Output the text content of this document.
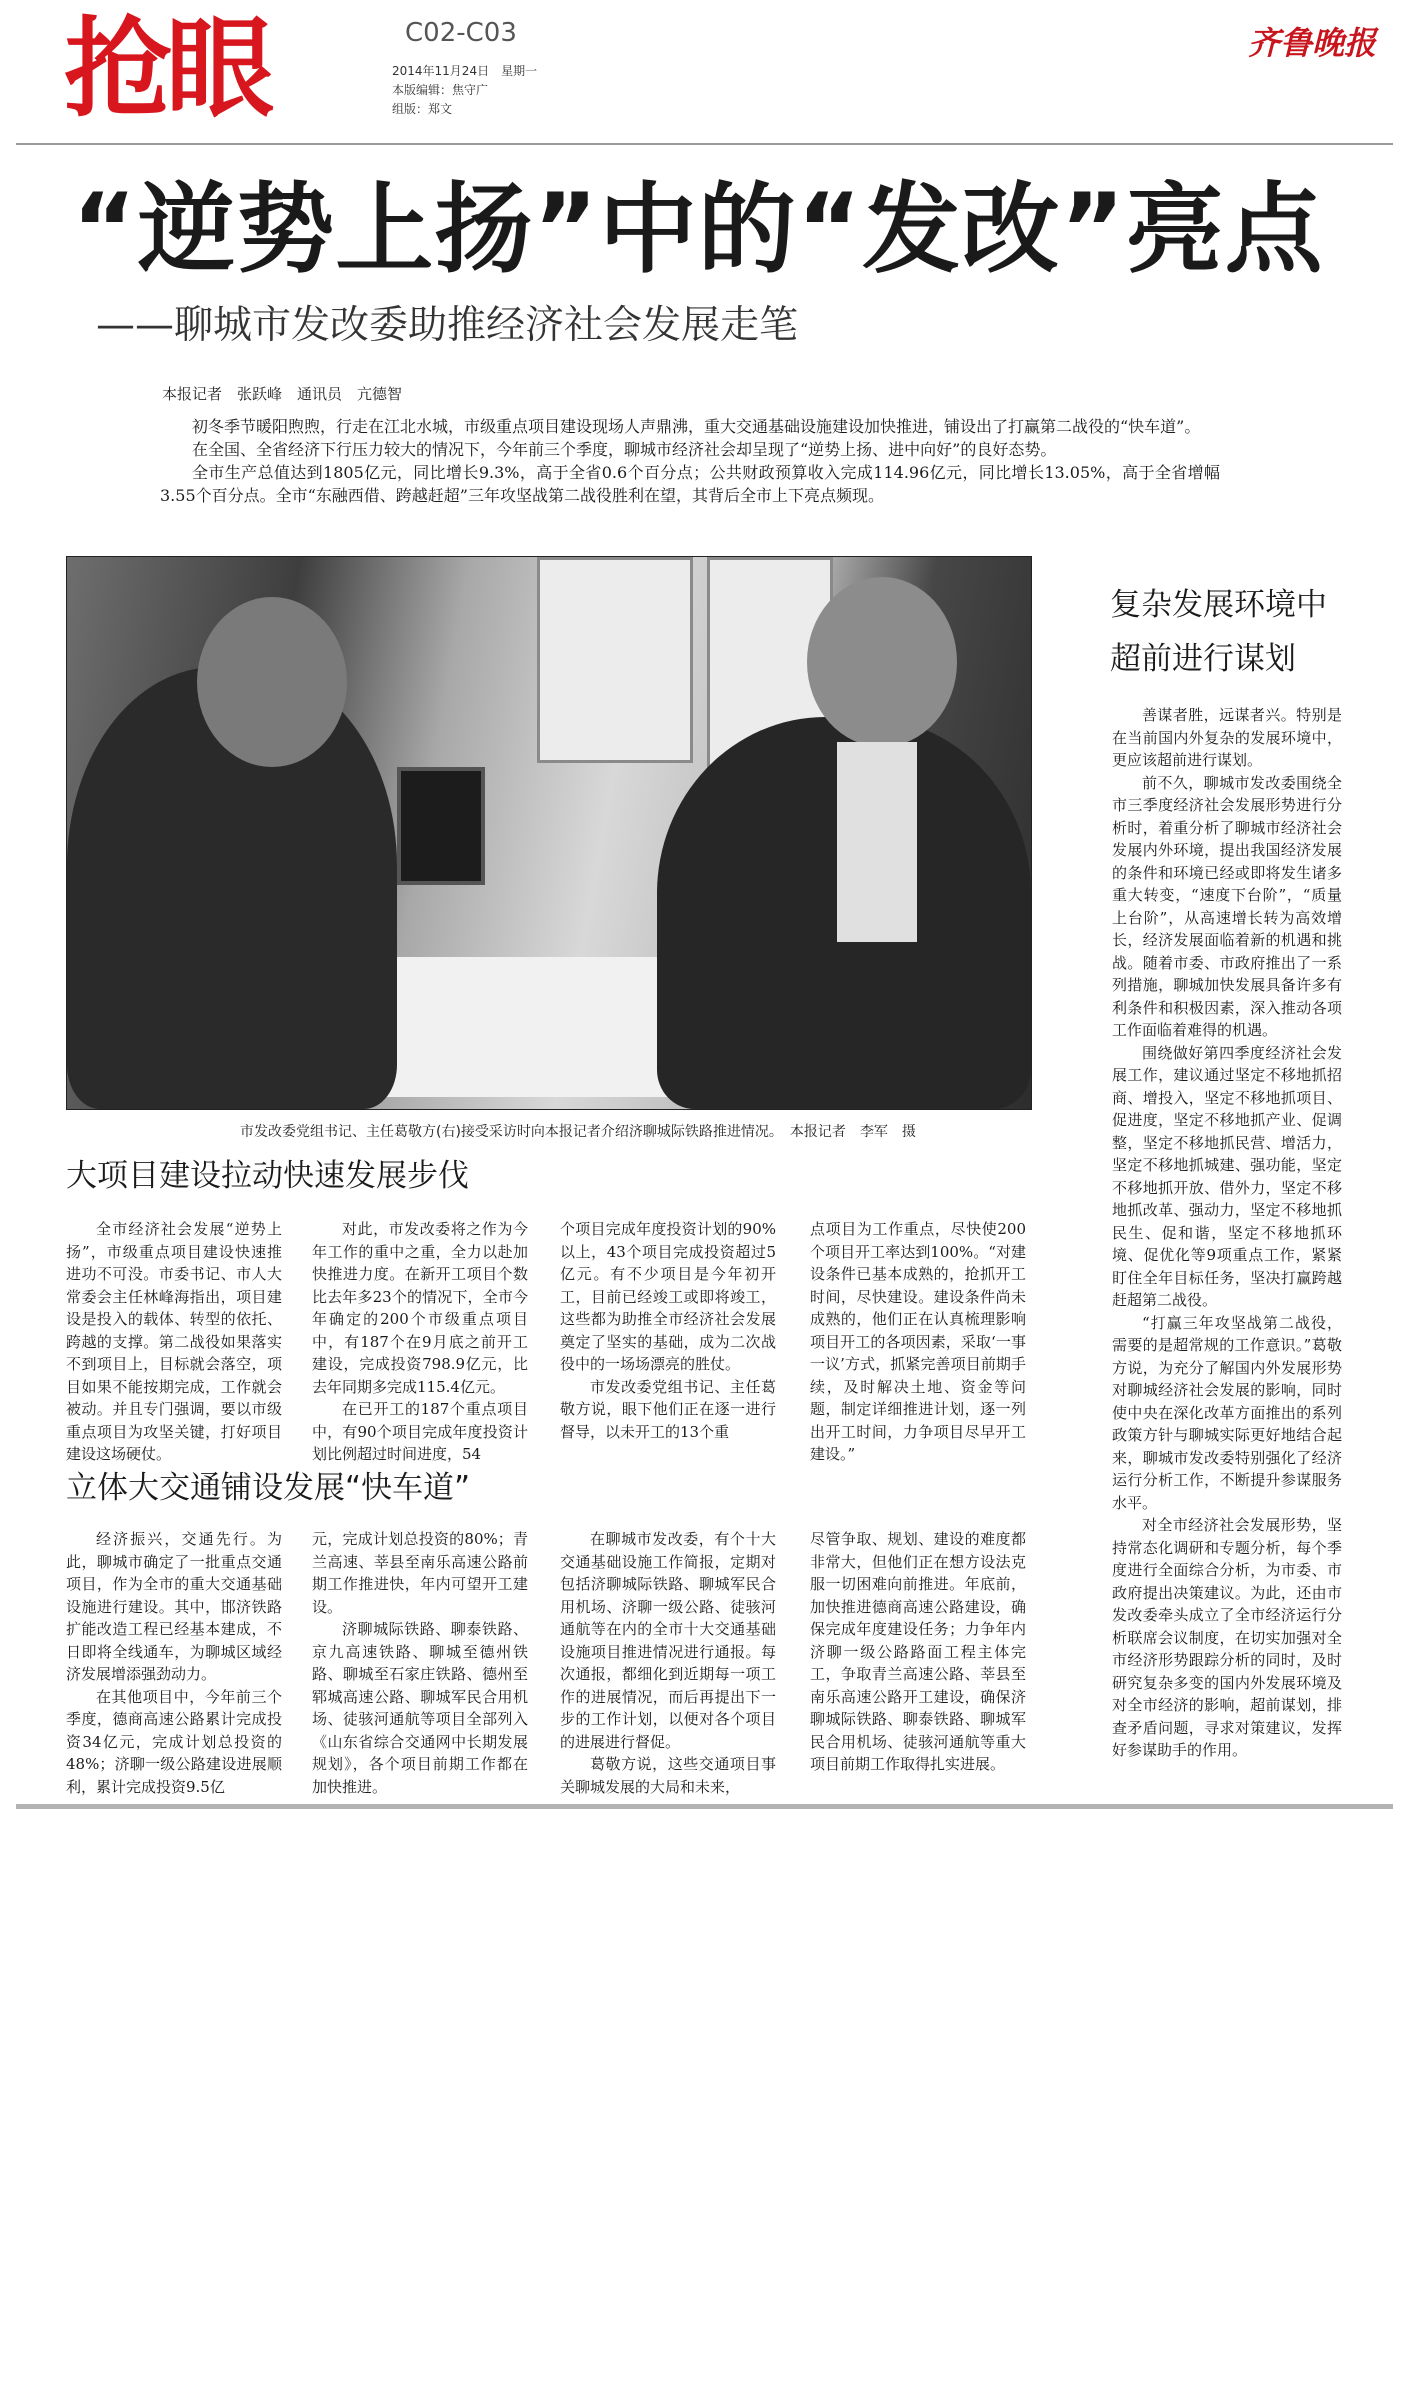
抢眼	C02-C03
2014年11月24日　星期一
本版编辑：焦守广
组版：郑文
齐鲁晚报
“逆势上扬”中的“发改”亮点
——聊城市发改委助推经济社会发展走笔
本报记者　张跃峰　通讯员　亢德智

初冬季节暖阳煦煦，行走在江北水城，市级重点项目建设现场人声鼎沸，重大交通基础设施建设加快推进，铺设出了打赢第二战役的“快车道”。

在全国、全省经济下行压力较大的情况下，今年前三个季度，聊城市经济社会却呈现了“逆势上扬、进中向好”的良好态势。

全市生产总值达到1805亿元，同比增长9.3%，高于全省0.6个百分点；公共财政预算收入完成114.96亿元，同比增长13.05%，高于全省增幅3.55个百分点。全市“东融西借、跨越赶超”三年攻坚战第二战役胜利在望，其背后全市上下亮点频现。

市发改委党组书记、主任葛敬方(右)接受采访时向本报记者介绍济聊城际铁路推进情况。　本报记者　李军　摄
大项目建设拉动快速发展步伐

全市经济社会发展“逆势上扬”，市级重点项目建设快速推进功不可没。市委书记、市人大常委会主任林峰海指出，项目建设是投入的载体、转型的依托、跨越的支撑。第二战役如果落实不到项目上，目标就会落空，项目如果不能按期完成，工作就会被动。并且专门强调，要以市级重点项目为攻坚关键，打好项目建设这场硬仗。

对此，市发改委将之作为今年工作的重中之重，全力以赴加快推进力度。在新开工项目个数比去年多23个的情况下，全市今年确定的200个市级重点项目中，有187个在9月底之前开工建设，完成投资798.9亿元，比去年同期多完成115.4亿元。

在已开工的187个重点项目中，有90个项目完成年度投资计划比例超过时间进度，54

个项目完成年度投资计划的90%以上，43个项目完成投资超过5亿元。有不少项目是今年初开工，目前已经竣工或即将竣工，这些都为助推全市经济社会发展奠定了坚实的基础，成为二次战役中的一场场漂亮的胜仗。

市发改委党组书记、主任葛敬方说，眼下他们正在逐一进行督导，以未开工的13个重

点项目为工作重点，尽快使200个项目开工率达到100%。“对建设条件已基本成熟的，抢抓开工时间，尽快建设。建设条件尚未成熟的，他们正在认真梳理影响项目开工的各项因素，采取‘一事一议’方式，抓紧完善项目前期手续，及时解决土地、资金等问题，制定详细推进计划，逐一列出开工时间，力争项目尽早开工建设。”

立体大交通铺设发展“快车道”

经济振兴，交通先行。为此，聊城市确定了一批重点交通项目，作为全市的重大交通基础设施进行建设。其中，邯济铁路扩能改造工程已经基本建成，不日即将全线通车，为聊城区域经济发展增添强劲动力。

在其他项目中，今年前三个季度，德商高速公路累计完成投资34亿元，完成计划总投资的48%；济聊一级公路建设进展顺利，累计完成投资9.5亿

元，完成计划总投资的80%；青兰高速、莘县至南乐高速公路前期工作推进快，年内可望开工建设。

济聊城际铁路、聊泰铁路、京九高速铁路、聊城至德州铁路、聊城至石家庄铁路、德州至郓城高速公路、聊城军民合用机场、徒骇河通航等项目全部列入《山东省综合交通网中长期发展规划》，各个项目前期工作都在加快推进。

在聊城市发改委，有个十大交通基础设施工作简报，定期对包括济聊城际铁路、聊城军民合用机场、济聊一级公路、徒骇河通航等在内的全市十大交通基础设施项目推进情况进行通报。每次通报，都细化到近期每一项工作的进展情况，而后再提出下一步的工作计划，以便对各个项目的进展进行督促。

葛敬方说，这些交通项目事关聊城发展的大局和未来，

尽管争取、规划、建设的难度都非常大，但他们正在想方设法克服一切困难向前推进。年底前，加快推进德商高速公路建设，确保完成年度建设任务；力争年内济聊一级公路路面工程主体完工，争取青兰高速公路、莘县至南乐高速公路开工建设，确保济聊城际铁路、聊泰铁路、聊城军民合用机场、徒骇河通航等重大项目前期工作取得扎实进展。

复杂发展环境中
超前进行谋划

善谋者胜，远谋者兴。特别是在当前国内外复杂的发展环境中，更应该超前进行谋划。

前不久，聊城市发改委围绕全市三季度经济社会发展形势进行分析时，着重分析了聊城市经济社会发展内外环境，提出我国经济发展的条件和环境已经或即将发生诸多重大转变，“速度下台阶”，“质量上台阶”，从高速增长转为高效增长，经济发展面临着新的机遇和挑战。随着市委、市政府推出了一系列措施，聊城加快发展具备许多有利条件和积极因素，深入推动各项工作面临着难得的机遇。

围绕做好第四季度经济社会发展工作，建议通过坚定不移地抓招商、增投入，坚定不移地抓项目、促进度，坚定不移地抓产业、促调整，坚定不移地抓民营、增活力，坚定不移地抓城建、强功能，坚定不移地抓开放、借外力，坚定不移地抓改革、强动力，坚定不移地抓民生、促和谐，坚定不移地抓环境、促优化等9项重点工作，紧紧盯住全年目标任务，坚决打赢跨越赶超第二战役。

“打赢三年攻坚战第二战役，需要的是超常规的工作意识。”葛敬方说，为充分了解国内外发展形势对聊城经济社会发展的影响，同时使中央在深化改革方面推出的系列政策方针与聊城实际更好地结合起来，聊城市发改委特别强化了经济运行分析工作，不断提升参谋服务水平。

对全市经济社会发展形势，坚持常态化调研和专题分析，每个季度进行全面综合分析，为市委、市政府提出决策建议。为此，还由市发改委牵头成立了全市经济运行分析联席会议制度，在切实加强对全市经济形势跟踪分析的同时，及时研究复杂多变的国内外发展环境及对全市经济的影响，超前谋划，排查矛盾问题，寻求对策建议，发挥好参谋助手的作用。
